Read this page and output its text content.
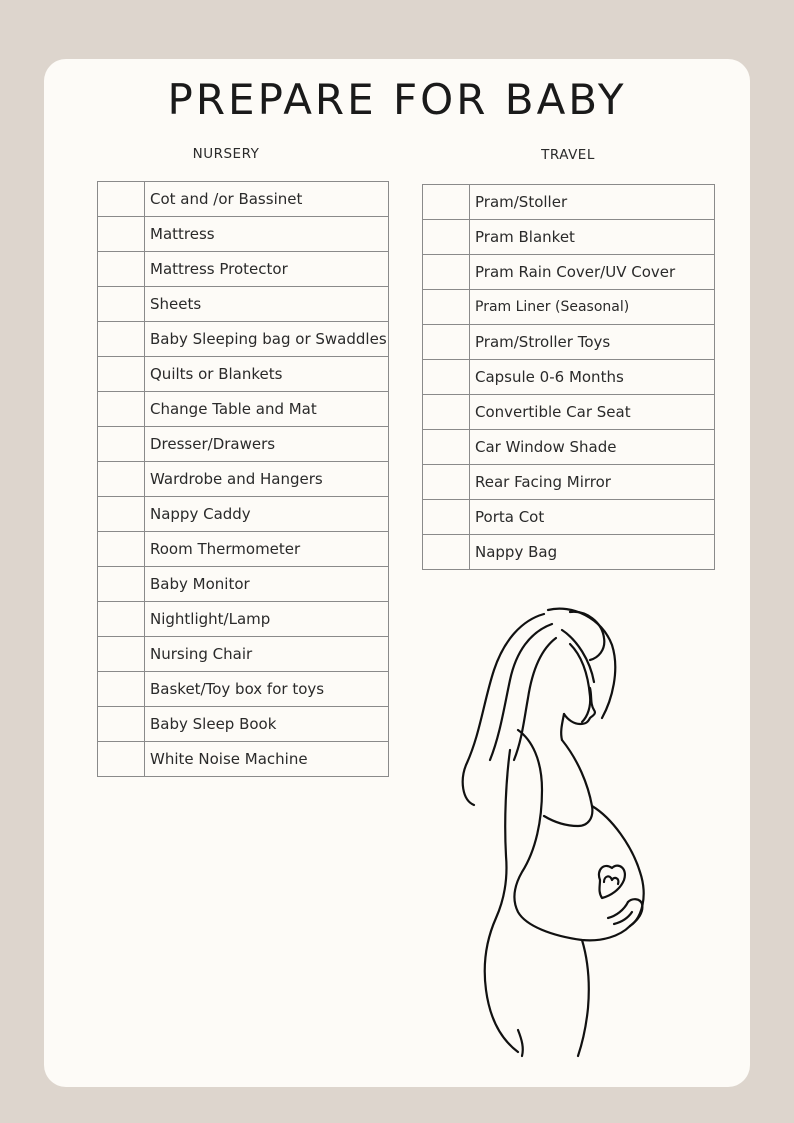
PREPARE FOR BABY
NURSERY	TRAVEL
	Cot and /or Bassinet
	Mattress
	Mattress Protector
	Sheets
	Baby Sleeping bag or Swaddles
	Quilts or Blankets
	Change Table and Mat
	Dresser/Drawers
	Wardrobe and Hangers
	Nappy Caddy
	Room Thermometer
	Baby Monitor
	Nightlight/Lamp
	Nursing Chair
	Basket/Toy box for toys
	Baby Sleep Book
	White Noise Machine
	Pram/Stoller
	Pram Blanket
	Pram Rain Cover/UV Cover
	Pram Liner (Seasonal)
	Pram/Stroller Toys
	Capsule 0-6 Months
	Convertible Car Seat
	Car Window Shade
	Rear Facing Mirror
	Porta Cot
	Nappy Bag
